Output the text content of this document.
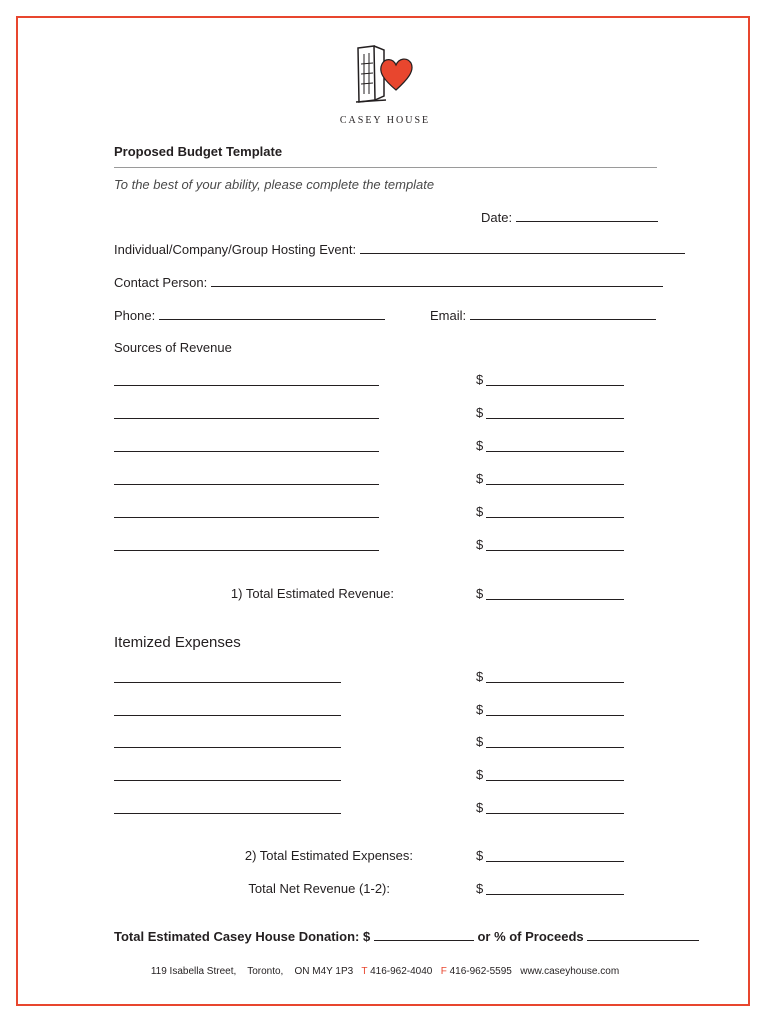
CASEY HOUSE
Proposed Budget Template
To the best of your ability, please complete the template
Date:
Individual/Company/Group Hosting Event:
Contact Person:
Phone:	Email:
Sources of Revenue
$
$
$
$
$
$
1) Total Estimated Revenue:	$
Itemized Expenses
$
$
$
$
$
2) Total Estimated Expenses:	$
Total Net Revenue (1-2):	$
Total Estimated Casey House Donation: $	or % of Proceeds
119 Isabella Street, Toronto, ON M4Y 1P3 T 416-962-4040 F 416-962-5595 www.caseyhouse.com
